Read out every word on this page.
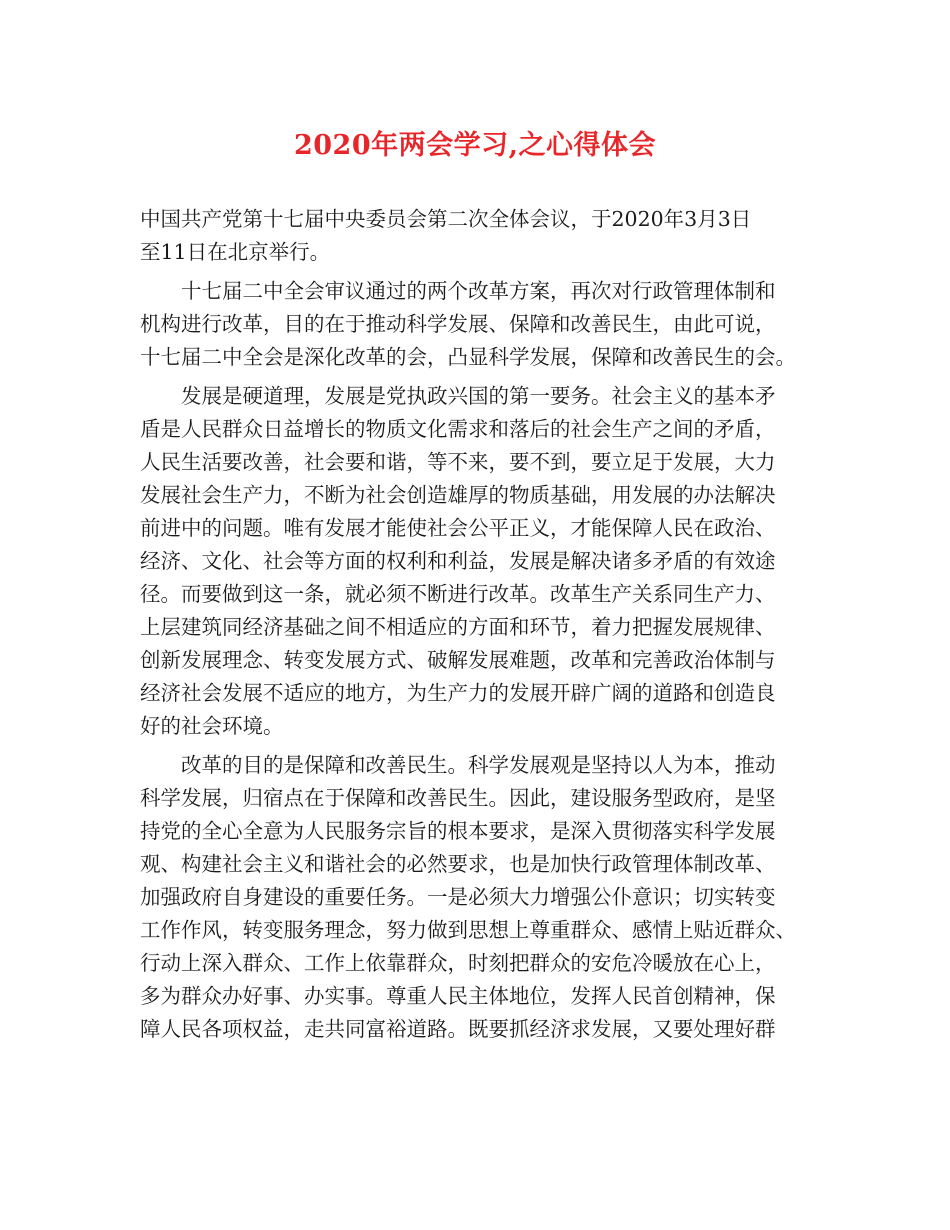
2020年两会学习,之心得体会
中国共产党第十七届中央委员会第二次全体会议，于2020年3月3日
至11日在北京举行。
　　十七届二中全会审议通过的两个改革方案，再次对行政管理体制和
机构进行改革，目的在于推动科学发展、保障和改善民生，由此可说，
十七届二中全会是深化改革的会，凸显科学发展，保障和改善民生的会。
　　发展是硬道理，发展是党执政兴国的第一要务。社会主义的基本矛
盾是人民群众日益增长的物质文化需求和落后的社会生产之间的矛盾，
人民生活要改善，社会要和谐，等不来，要不到，要立足于发展，大力
发展社会生产力，不断为社会创造雄厚的物质基础，用发展的办法解决
前进中的问题。唯有发展才能使社会公平正义，才能保障人民在政治、
经济、文化、社会等方面的权利和利益，发展是解决诸多矛盾的有效途
径。而要做到这一条，就必须不断进行改革。改革生产关系同生产力、
上层建筑同经济基础之间不相适应的方面和环节，着力把握发展规律、
创新发展理念、转变发展方式、破解发展难题，改革和完善政治体制与
经济社会发展不适应的地方，为生产力的发展开辟广阔的道路和创造良
好的社会环境。
　　改革的目的是保障和改善民生。科学发展观是坚持以人为本，推动
科学发展，归宿点在于保障和改善民生。因此，建设服务型政府，是坚
持党的全心全意为人民服务宗旨的根本要求，是深入贯彻落实科学发展
观、构建社会主义和谐社会的必然要求，也是加快行政管理体制改革、
加强政府自身建设的重要任务。一是必须大力增强公仆意识；切实转变
工作作风，转变服务理念，努力做到思想上尊重群众、感情上贴近群众、
行动上深入群众、工作上依靠群众，时刻把群众的安危冷暖放在心上，
多为群众办好事、办实事。尊重人民主体地位，发挥人民首创精神，保
障人民各项权益，走共同富裕道路。既要抓经济求发展，又要处理好群
